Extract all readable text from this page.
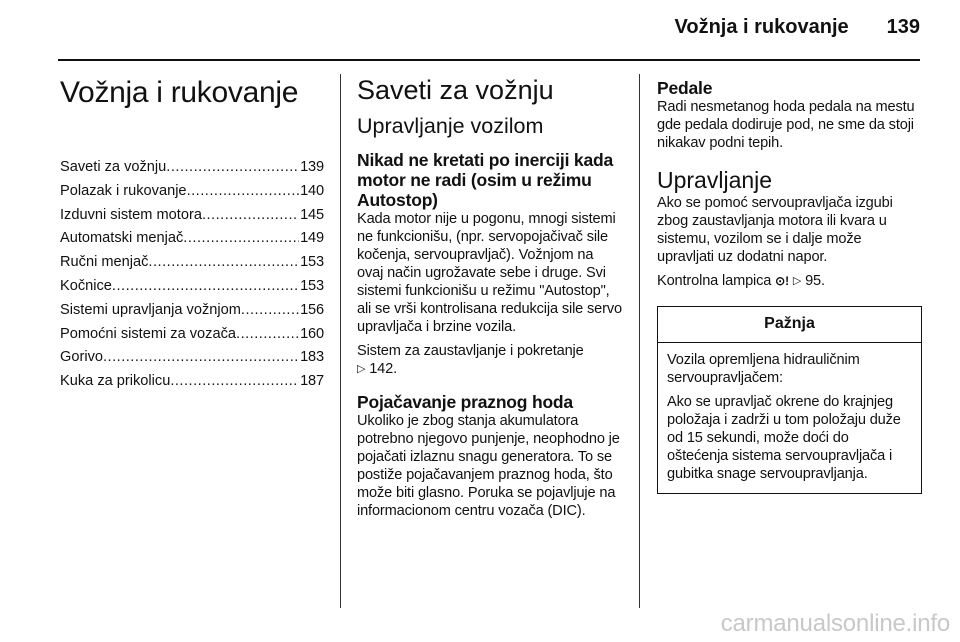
Vožnja i rukovanje 139
Vožnja i rukovanje
Saveti za vožnju .....	139
Polazak i rukovanje .....	140
Izduvni sistem motora .....	145
Automatski menjač .....	149
Ručni menjač .....	153
Kočnice .....	153
Sistemi upravljanja vožnjom .....	156
Pomoćni sistemi za vozača .....	160
Gorivo .....	183
Kuka za prikolicu .....	187
Saveti za vožnju
Upravljanje vozilom
Nikad ne kretati po inerciji kada motor ne radi (osim u režimu Autostop)
Kada motor nije u pogonu, mnogi sistemi ne funkcionišu, (npr. servopojačivač sile kočenja, servoupravljač). Vožnjom na ovaj način ugrožavate sebe i druge. Svi sistemi funkcionišu u režimu "Autostop", ali se vrši kontrolisana redukcija sile servo upravljača i brzine vozila.
Sistem za zaustavljanje i pokretanje
▷ 142.
Pojačavanje praznog hoda
Ukoliko je zbog stanja akumulatora potrebno njegovo punjenje, neophodno je pojačati izlaznu snagu generatora. To se postiže pojačavanjem praznog hoda, što može biti glasno. Poruka se pojavljuje na informacionom centru vozača (DIC).
Pedale
Radi nesmetanog hoda pedala na mestu gde pedala dodiruje pod, ne sme da stoji nikakav podni tepih.
Upravljanje
Ako se pomoć servoupravljača izgubi zbog zaustavljanja motora ili kvara u sistemu, vozilom se i dalje može upravljati uz dodatni napor.
Kontrolna lampica ⊙! ▷ 95.
Pažnja
Vozila opremljena hidrauličnim servoupravljačem:
Ako se upravljač okrene do krajnjeg položaja i zadrži u tom položaju duže od 15 sekundi, može doći do oštećenja sistema servoupravljača i gubitka snage servoupravljanja.
carmanualsonline.info
